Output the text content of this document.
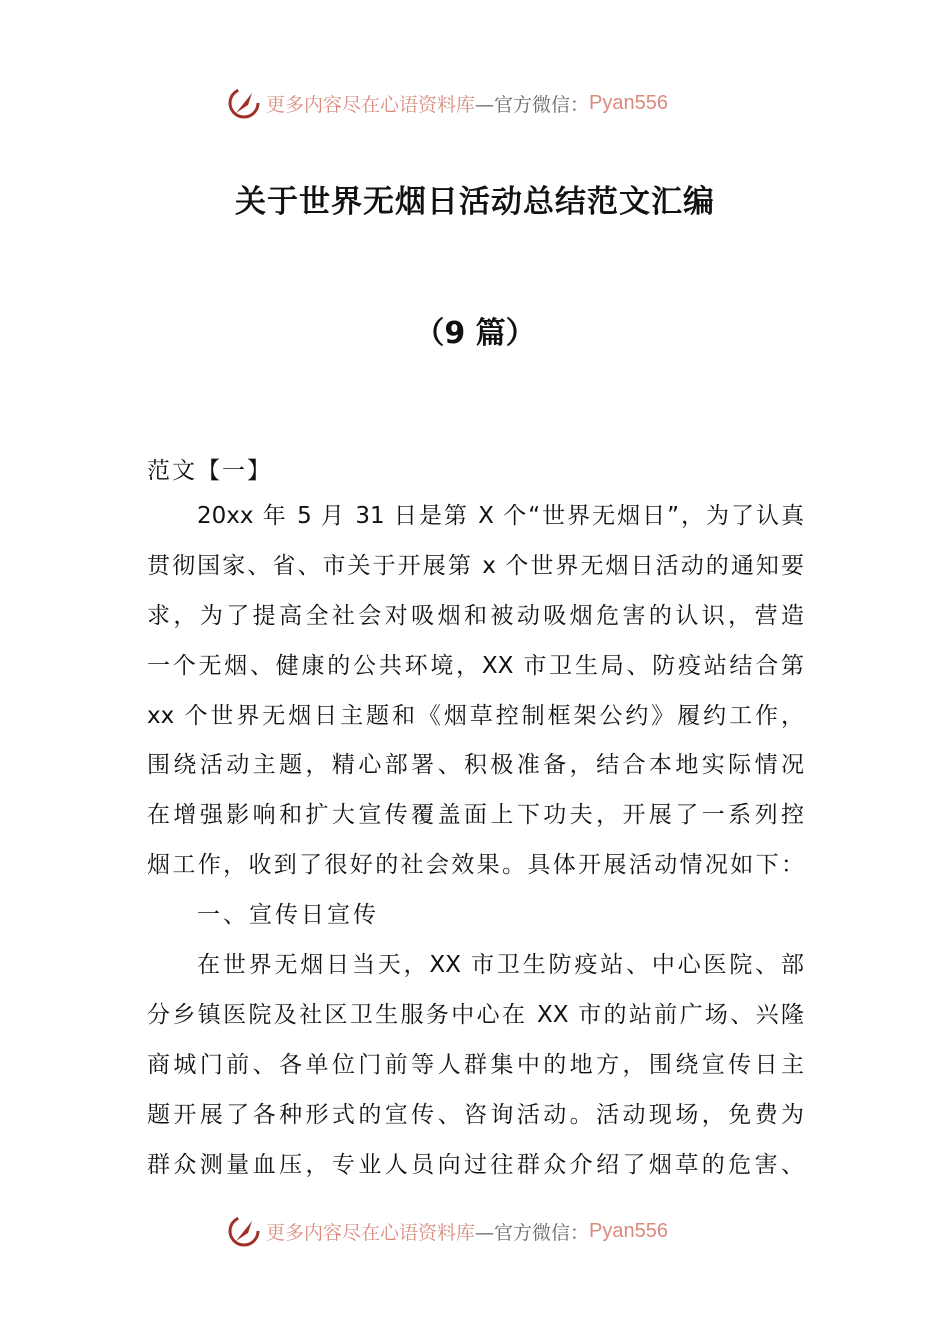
更多内容尽在心语资料库 —官方微信： Pyan556
关于世界无烟日活动总结范文汇编
（9 篇）
范文【一】
20xx 年 5 月 31 日是第 X 个“世界无烟日”，为了认真
贯彻国家、省、市关于开展第 x 个世界无烟日活动的通知要
求，为了提高全社会对吸烟和被动吸烟危害的认识，营造
一个无烟、健康的公共环境，XX 市卫生局、防疫站结合第
xx 个世界无烟日主题和《烟草控制框架公约》履约工作，
围绕活动主题，精心部署、积极准备，结合本地实际情况
在增强影响和扩大宣传覆盖面上下功夫，开展了一系列控
烟工作，收到了很好的社会效果。具体开展活动情况如下：
一、宣传日宣传
在世界无烟日当天，XX 市卫生防疫站、中心医院、部
分乡镇医院及社区卫生服务中心在 XX 市的站前广场、兴隆
商城门前、各单位门前等人群集中的地方，围绕宣传日主
题开展了各种形式的宣传、咨询活动。活动现场，免费为
群众测量血压，专业人员向过往群众介绍了烟草的危害、
更多内容尽在心语资料库 —官方微信： Pyan556
